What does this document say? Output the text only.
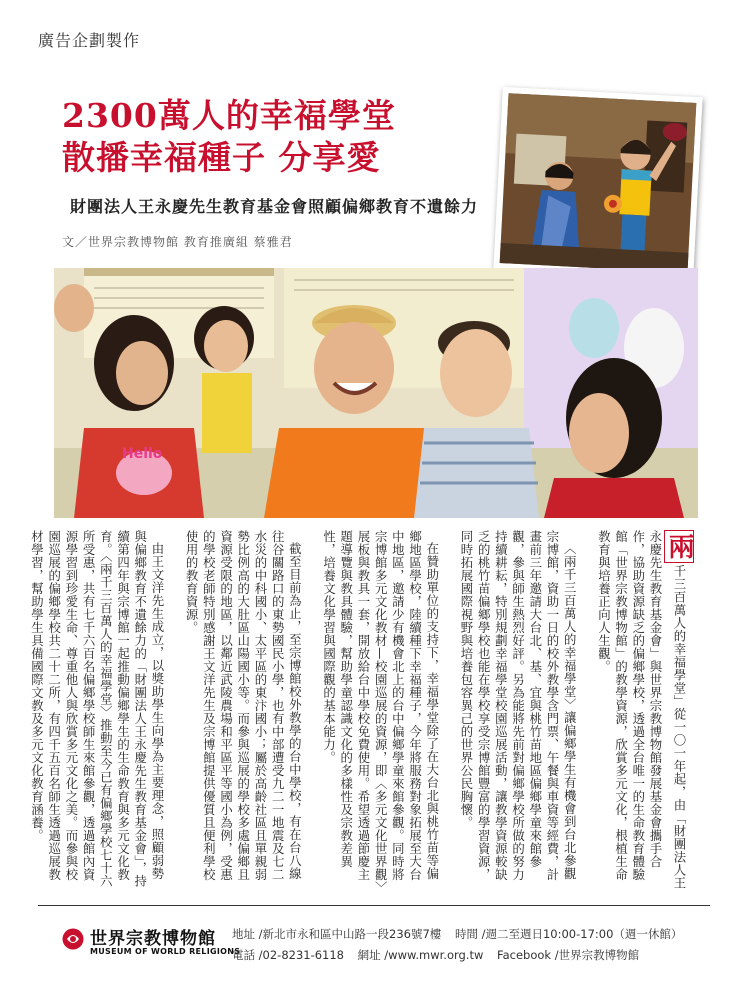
廣告企劃製作
2300萬人的幸福學堂
散播幸福種子 分享愛
財團法人王永慶先生教育基金會照顧偏鄉教育不遺餘力
文／世界宗教博物館 教育推廣組 蔡雅君
Hello

兩千三百萬人的幸福學堂」從一〇一年起，由「財團法人王永慶先生教育基金會」與世界宗教博物館發展基金會攜手合作，協助資源缺乏的偏鄉學校，透過全台唯一的生命教育體驗館「世界宗教博物館」的教學資源，欣賞多元文化，根植生命教育與培養正向人生觀。

〈兩千三百萬人的幸福學堂〉讓偏鄉學生有機會到台北參觀宗博館，資助一日的校外教學含門票、午餐與車資等經費，計畫前三年邀請大台北、基、宜與桃竹苗地區偏鄉學童來館參觀，參與師生熱烈好評。另為能將先前對偏鄉學校所做的努力持續耕耘，特別規劃幸福學堂校園巡展活動，讓教學資源較缺乏的桃竹苗偏鄉學校也能在學校享受宗博館豐富的學習資源，同時拓展國際視野與培養包容異己的世界公民胸懷。

在贊助單位的支持下，幸福學堂除了在大台北與桃竹苗等偏鄉地區學校，陸續種下幸福種子，今年將服務對象拓展至大台中地區，邀請少有機會北上的台中偏鄉學童來館參觀。同時將宗博館多元文化教材—校園巡展的資源，即〈多元文化世界觀〉展板與教具一套，開放給台中學校免費使用。希望透過節慶主題導覽與教具體驗，幫助學童認識文化的多樣性及宗教差異性，培養文化學習與國際觀的基本能力。

截至目前為止，至宗博館校外教學的台中學校，有在台八線往谷關路口的東勢國民小學，也有中部遭受九二一地震及七二水災的中科國小、太平區的東汴國小；屬於高齡社區且單親弱勢比例高的大肚區山陽國小等。而參與巡展的學校多處偏鄉且資源受限的地區，以鄰近武陵農場和平區平等國小為例，受惠的學校老師特別感謝王文洋先生及宗博館提供優質且便利學校使用的教育資源。

由王文洋先生成立，以獎助學生向學為主要理念，照顧弱勢與偏鄉教育不遺餘力的「財團法人王永慶先生教育基金會」，持續第四年與宗博館一起推動偏鄉學生的生命教育與多元文化教育。〈兩千三百萬人的幸福學堂〉推動至今已有偏鄉學校七十六所受惠，共有七千六百名偏鄉學校師生來館參觀，透過館內資源學習到珍愛生命、尊重他人與欣賞多元文化之美。而參與校園巡展的偏鄉學校共二十二所，有四千五百名師生透過巡展教材學習，幫助學生具備國際文教及多元文化教育涵養。

世界宗教博物館
MUSEUM OF WORLD RELIGIONS
地址 /新北市永和區中山路一段236號7樓 時間 /週二至週日10:00-17:00（週一休館）
電話 /02-8231-6118 網址 /www.mwr.org.tw Facebook /世界宗教博物館
